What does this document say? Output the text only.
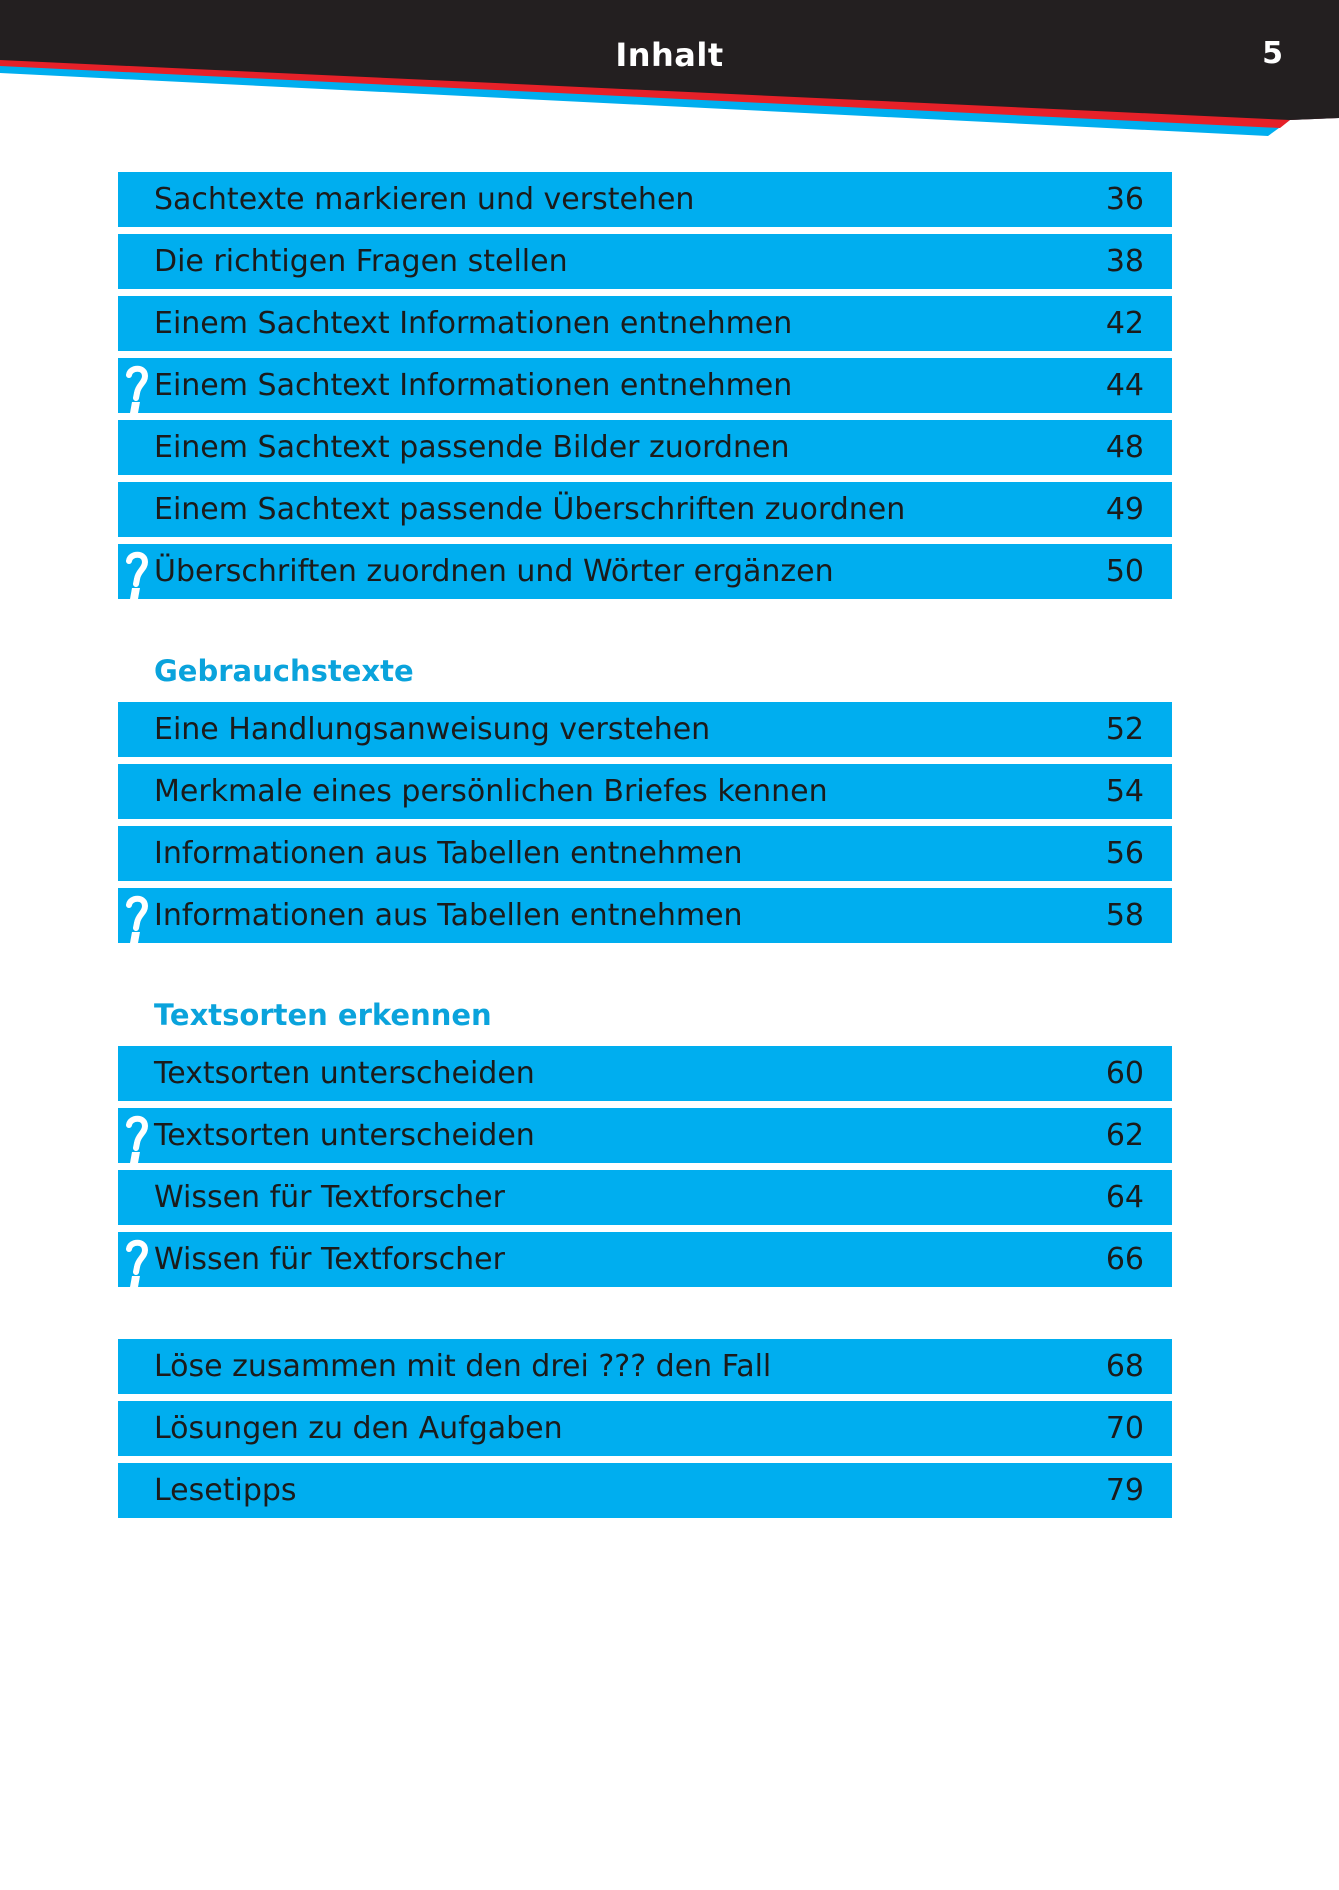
Inhalt	5
Sachtexte markieren und verstehen	36
Die richtigen Fragen stellen	38
Einem Sachtext Informationen entnehmen	42
Einem Sachtext Informationen entnehmen	44
Einem Sachtext passende Bilder zuordnen	48
Einem Sachtext passende Überschriften zuordnen	49
Überschriften zuordnen und Wörter ergänzen	50
Gebrauchstexte
Eine Handlungsanweisung verstehen	52
Merkmale eines persönlichen Briefes kennen	54
Informationen aus Tabellen entnehmen	56
Informationen aus Tabellen entnehmen	58
Textsorten erkennen
Textsorten unterscheiden	60
Textsorten unterscheiden	62
Wissen für Textforscher	64
Wissen für Textforscher	66
Löse zusammen mit den drei ??? den Fall	68
Lösungen zu den Aufgaben	70
Lesetipps	79
